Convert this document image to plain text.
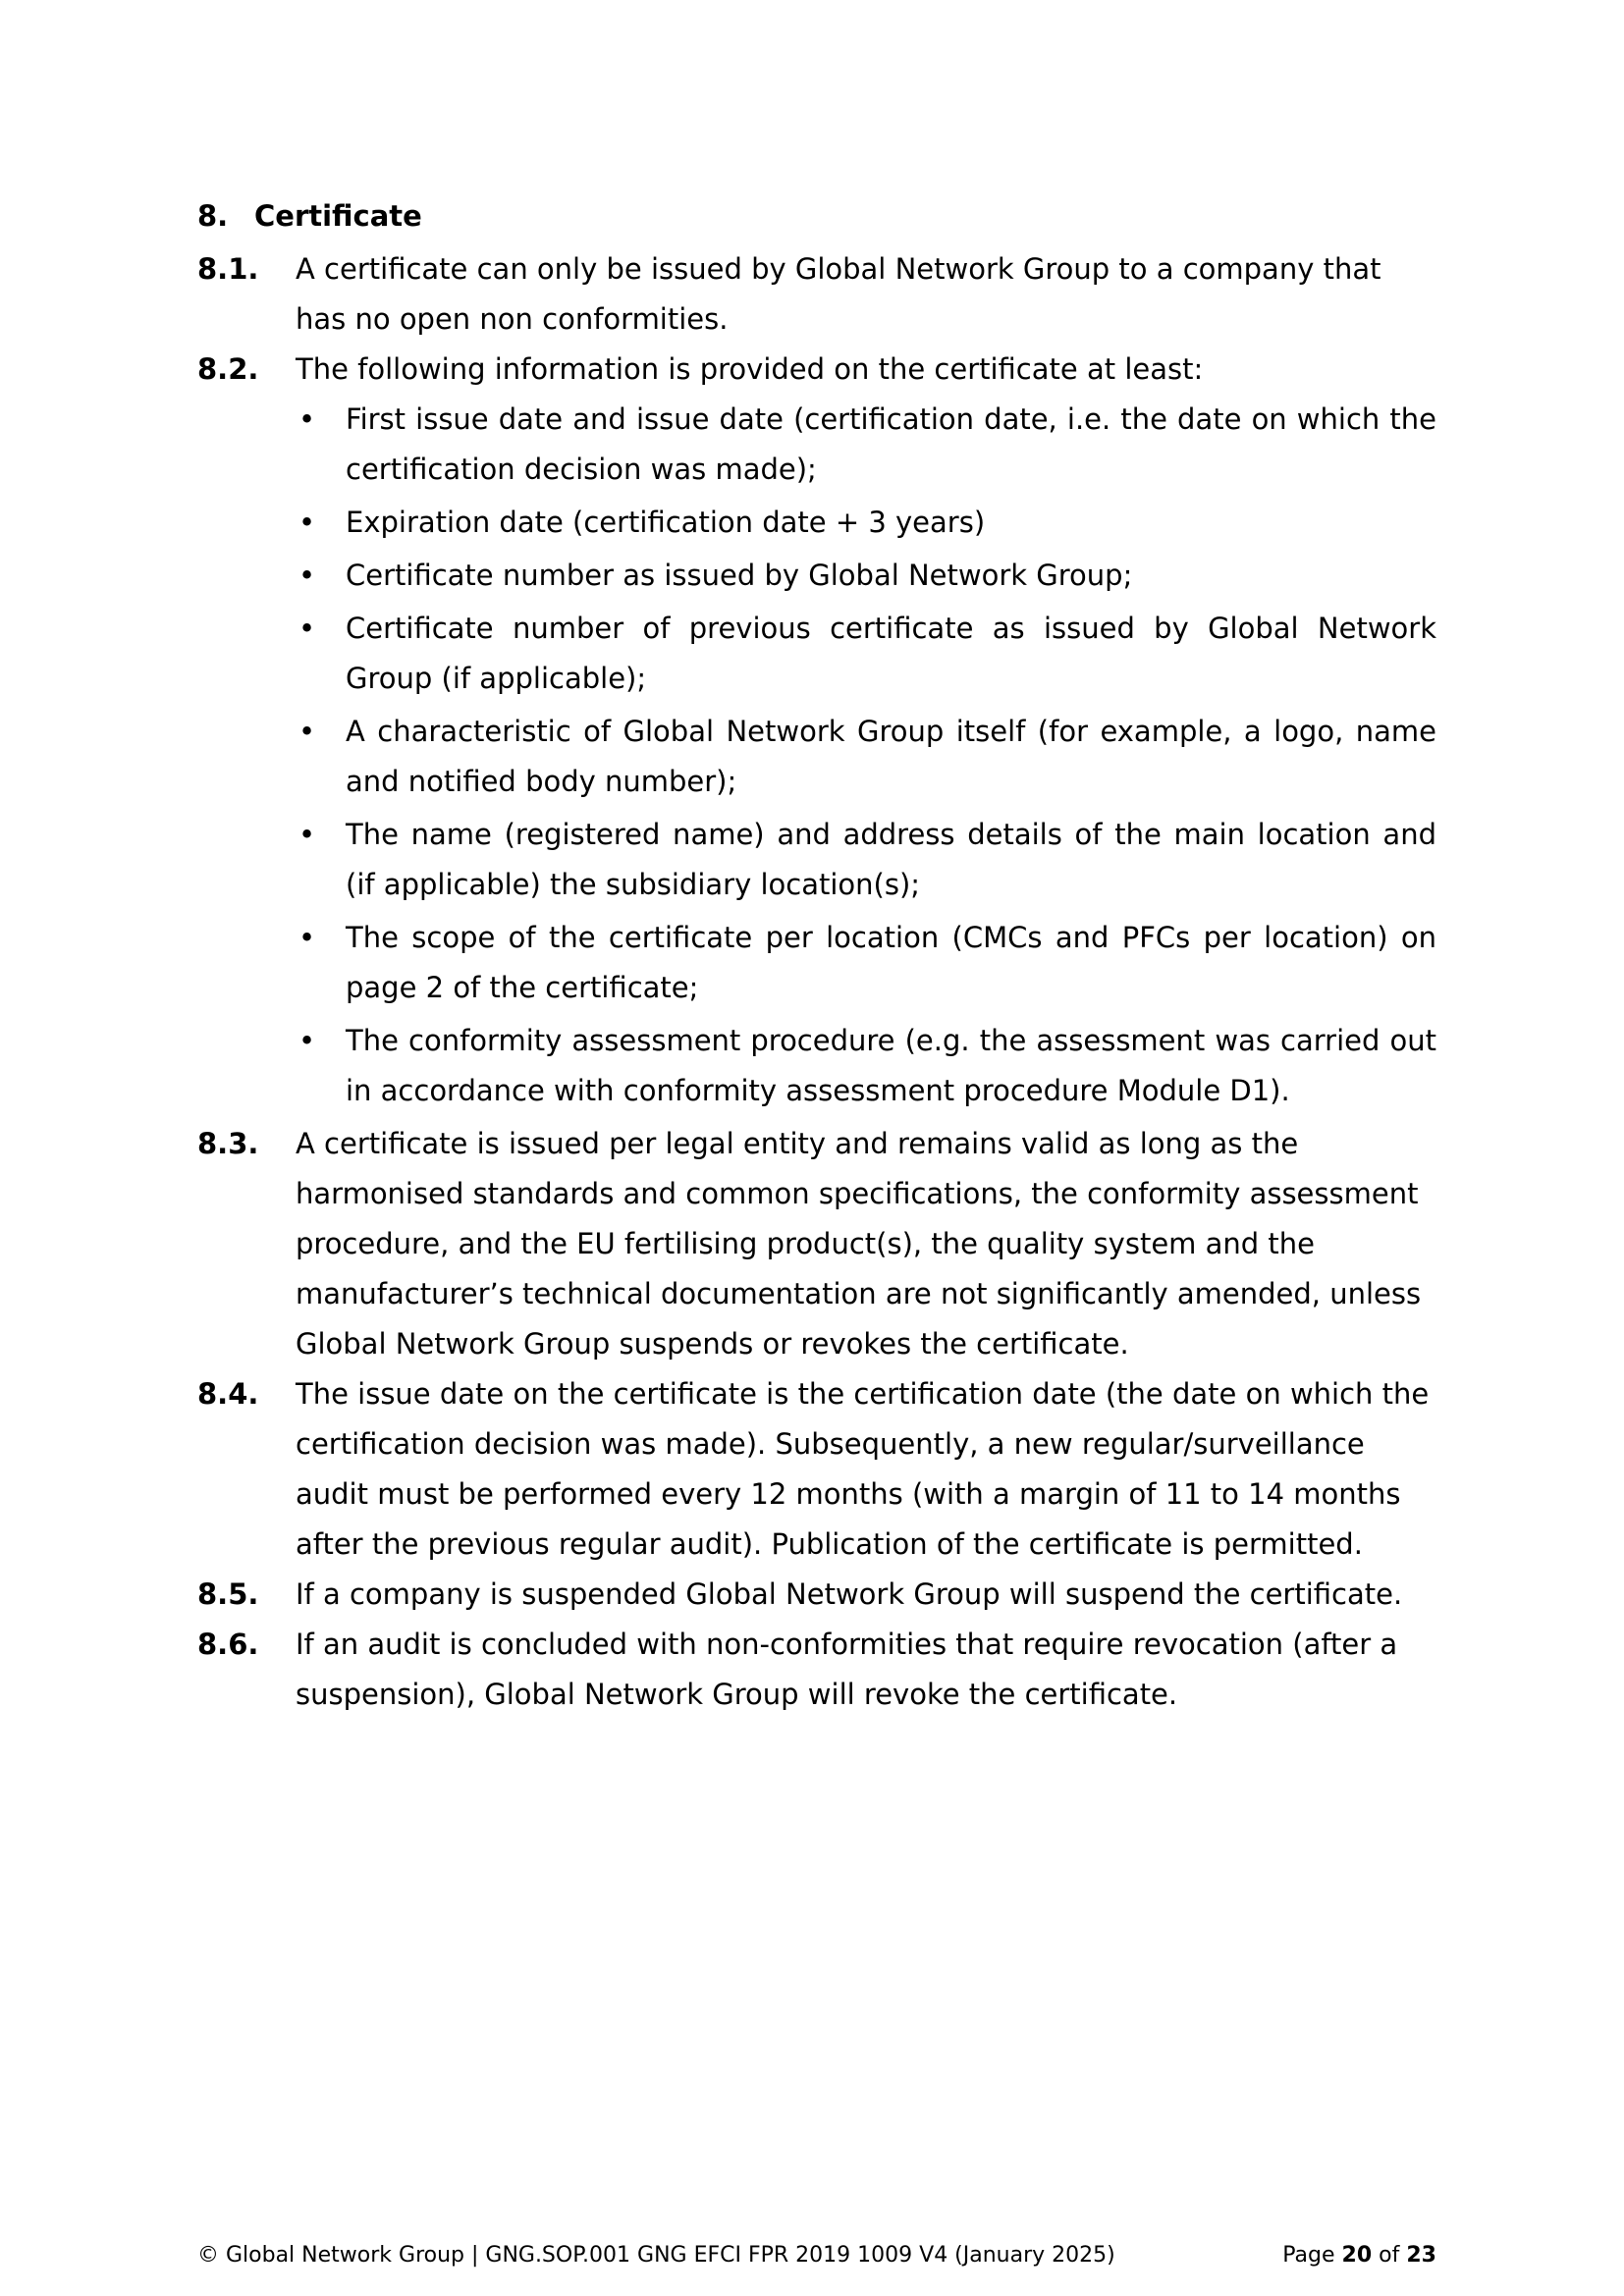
8. Certificate
8.1.	A certificate can only be issued by Global Network Group to a company that has no open non conformities.
8.2.	The following information is provided on the certificate at least:
•	First issue date and issue date (certification date, i.e. the date on which the certification decision was made);
•	Expiration date (certification date + 3 years)
•	Certificate number as issued by Global Network Group;
•	Certificate number of previous certificate as issued by Global Network Group (if applicable);
•	A characteristic of Global Network Group itself (for example, a logo, name and notified body number);
•	The name (registered name) and address details of the main location and (if applicable) the subsidiary location(s);
•	The scope of the certificate per location (CMCs and PFCs per location) on page 2 of the certificate;
•	The conformity assessment procedure (e.g. the assessment was carried out in accordance with conformity assessment procedure Module D1).
8.3.	A certificate is issued per legal entity and remains valid as long as the harmonised standards and common specifications, the conformity assessment procedure, and the EU fertilising product(s), the quality system and the manufacturer’s technical documentation are not significantly amended, unless Global Network Group suspends or revokes the certificate.
8.4.	The issue date on the certificate is the certification date (the date on which the certification decision was made). Subsequently, a new regular/surveillance audit must be performed every 12 months (with a margin of 11 to 14 months after the previous regular audit). Publication of the certificate is permitted.
8.5.	If a company is suspended Global Network Group will suspend the certificate.
8.6.	If an audit is concluded with non-conformities that require revocation (after a suspension), Global Network Group will revoke the certificate.
© Global Network Group | GNG.SOP.001 GNG EFCI FPR 2019 1009 V4 (January 2025)	Page 20 of 23
